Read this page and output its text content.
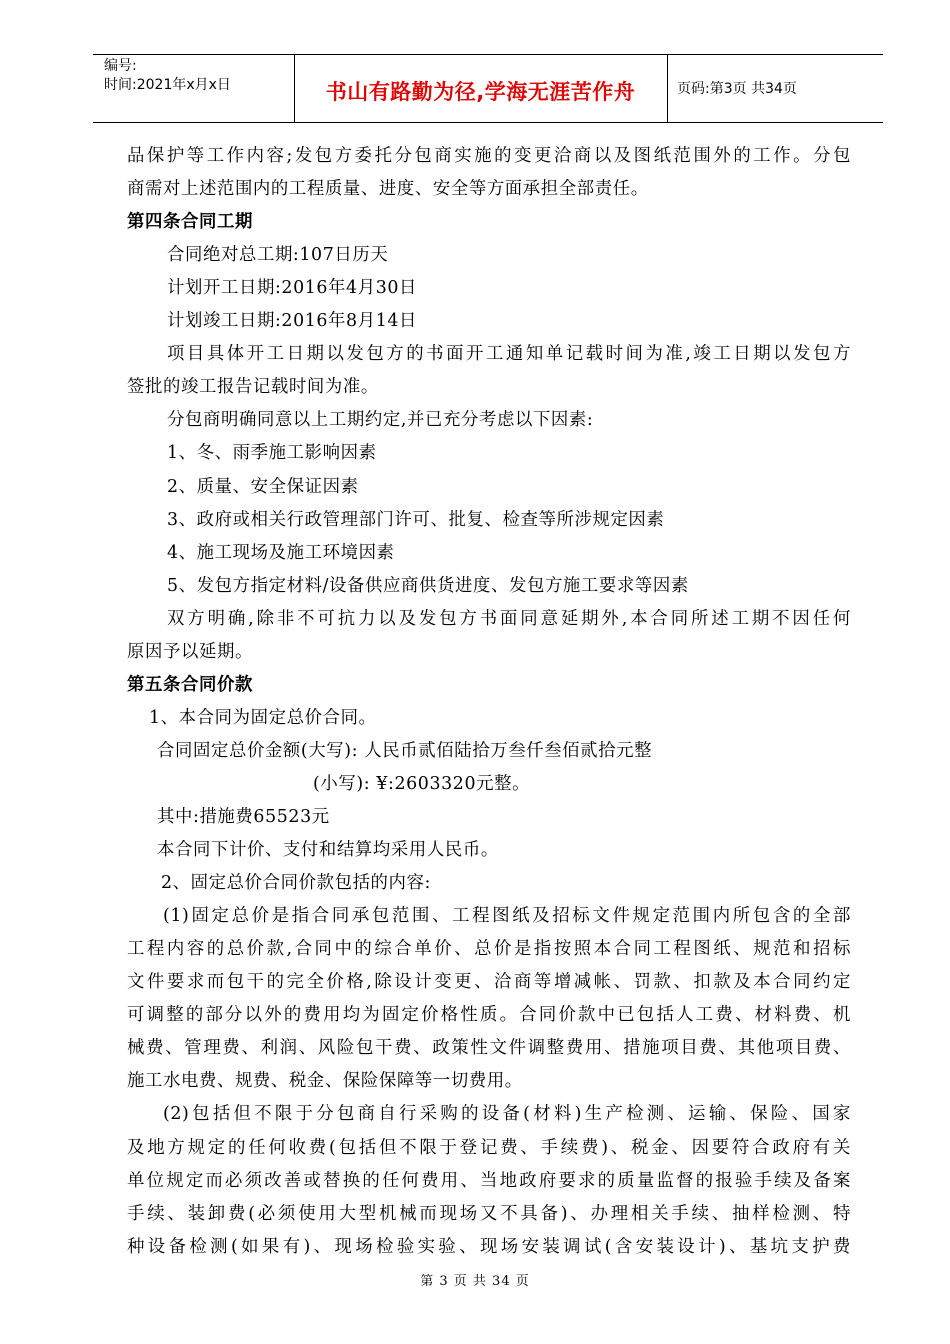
编号:
时间:2021年x月x日	书山有路勤为径,学海无涯苦作舟	页码:第3页 共34页
品保护等工作内容;发包方委托分包商实施的变更洽商以及图纸范围外的工作。分包
商需对上述范围内的工程质量、进度、安全等方面承担全部责任。
第四条合同工期
合同绝对总工期:107日历天
计划开工日期:2016年4月30日
计划竣工日期:2016年8月14日
项目具体开工日期以发包方的书面开工通知单记载时间为准,竣工日期以发包方
签批的竣工报告记载时间为准。
分包商明确同意以上工期约定,并已充分考虑以下因素:
1、冬、雨季施工影响因素
2、质量、安全保证因素
3、政府或相关行政管理部门许可、批复、检查等所涉规定因素
4、施工现场及施工环境因素
5、发包方指定材料/设备供应商供货进度、发包方施工要求等因素
双方明确,除非不可抗力以及发包方书面同意延期外,本合同所述工期不因任何
原因予以延期。
第五条合同价款
1、本合同为固定总价合同。
合同固定总价金额(大写): 人民币贰佰陆拾万叁仟叁佰贰拾元整
(小写): ¥:2603320元整。
其中:措施费65523元
本合同下计价、支付和结算均采用人民币。
2、固定总价合同价款包括的内容:
(1)固定总价是指合同承包范围、工程图纸及招标文件规定范围内所包含的全部
工程内容的总价款,合同中的综合单价、总价是指按照本合同工程图纸、规范和招标
文件要求而包干的完全价格,除设计变更、洽商等增减帐、罚款、扣款及本合同约定
可调整的部分以外的费用均为固定价格性质。合同价款中已包括人工费、材料费、机
械费、管理费、利润、风险包干费、政策性文件调整费用、措施项目费、其他项目费、
施工水电费、规费、税金、保险保障等一切费用。
(2)包括但不限于分包商自行采购的设备(材料)生产检测、运输、保险、国家
及地方规定的任何收费(包括但不限于登记费、手续费)、税金、因要符合政府有关
单位规定而必须改善或替换的任何费用、当地政府要求的质量监督的报验手续及备案
手续、装卸费(必须使用大型机械而现场又不具备)、办理相关手续、抽样检测、特
种设备检测(如果有)、现场检验实验、现场安装调试(含安装设计)、基坑支护费
第 3 页 共 34 页
